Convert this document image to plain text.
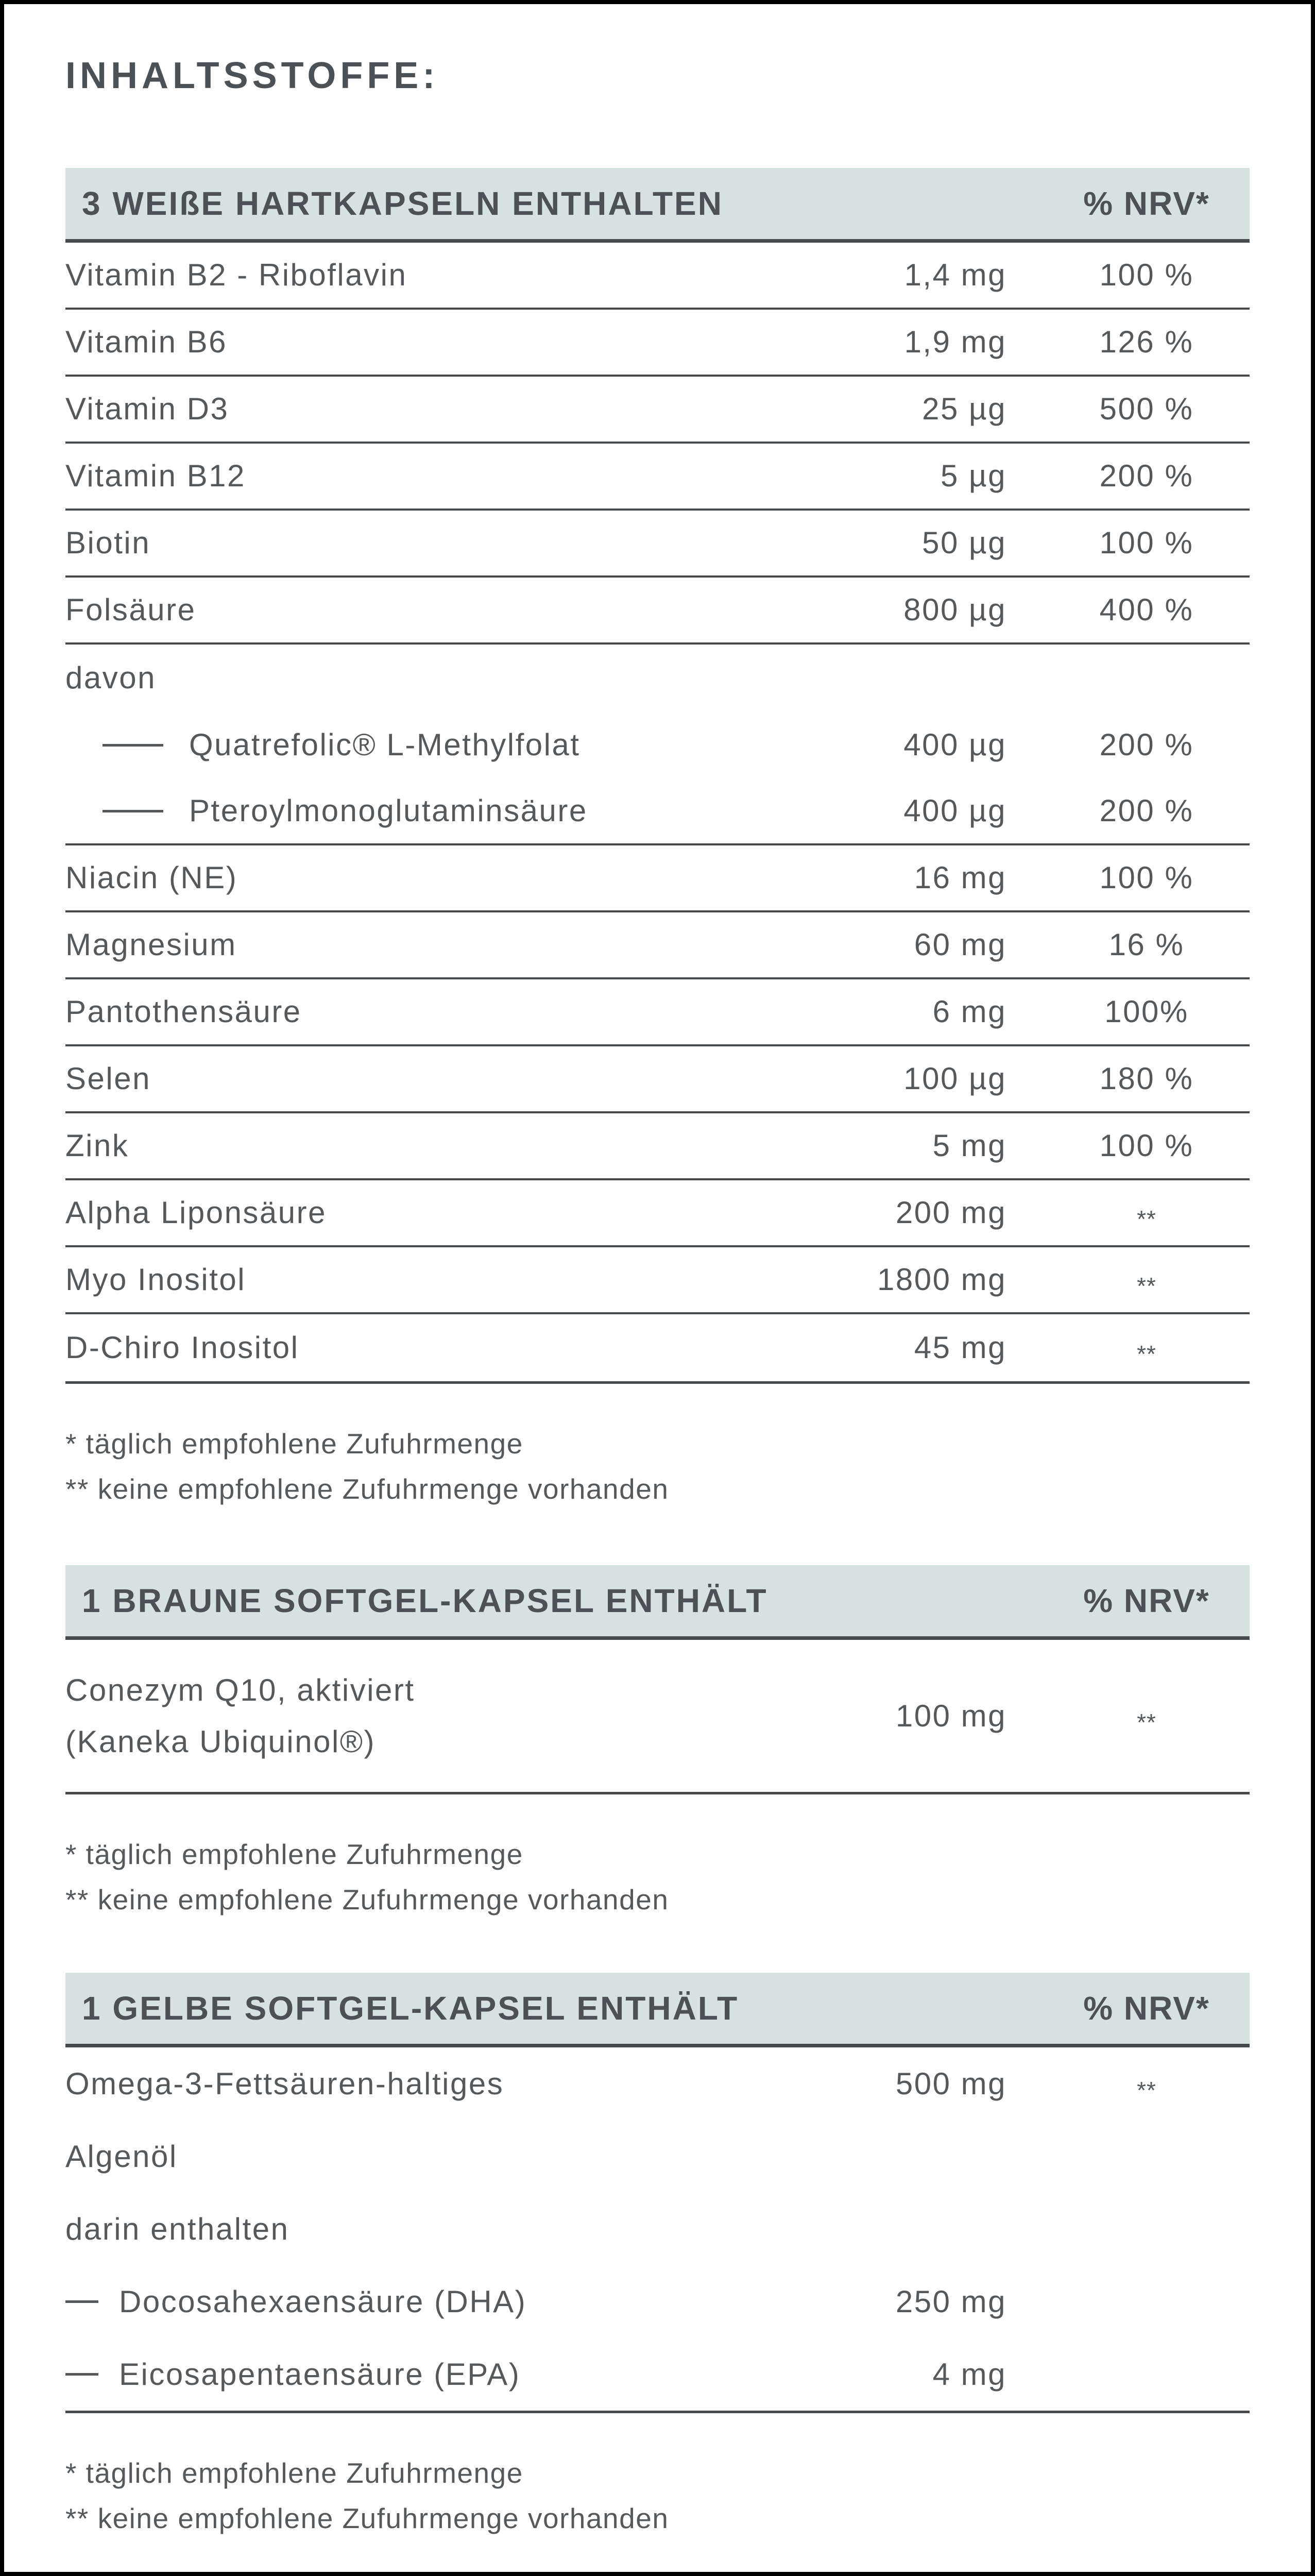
INHALTSSTOFFE:
3 WEIßE HARTKAPSELN ENTHALTEN	% NRV*
Vitamin B2 - Riboflavin	1,4 mg	100 %
Vitamin B6	1,9 mg	126 %
Vitamin D3	25 µg	500 %
Vitamin B12	5 µg	200 %
Biotin	50 µg	100 %
Folsäure	800 µg	400 %
davon
Quatrefolic® L-Methylfolat	400 µg	200 %
Pteroylmonoglutaminsäure	400 µg	200 %
Niacin (NE)	16 mg	100 %
Magnesium	60 mg	16 %
Pantothensäure	6 mg	100%
Selen	100 µg	180 %
Zink	5 mg	100 %
Alpha Liponsäure	200 mg	**
Myo Inositol	1800 mg	**
D-Chiro Inositol	45 mg	**
* täglich empfohlene Zufuhrmenge
** keine empfohlene Zufuhrmenge vorhanden
1 BRAUNE SOFTGEL-KAPSEL ENTHÄLT	% NRV*
Conezym Q10, aktiviert
(Kaneka Ubiquinol®)
100 mg	**
* täglich empfohlene Zufuhrmenge
** keine empfohlene Zufuhrmenge vorhanden
1 GELBE SOFTGEL-KAPSEL ENTHÄLT	% NRV*
Omega-3-Fettsäuren-haltiges	500 mg	**
Algenöl
darin enthalten
Docosahexaensäure (DHA)	250 mg
Eicosapentaensäure (EPA)	4 mg
* täglich empfohlene Zufuhrmenge
** keine empfohlene Zufuhrmenge vorhanden
